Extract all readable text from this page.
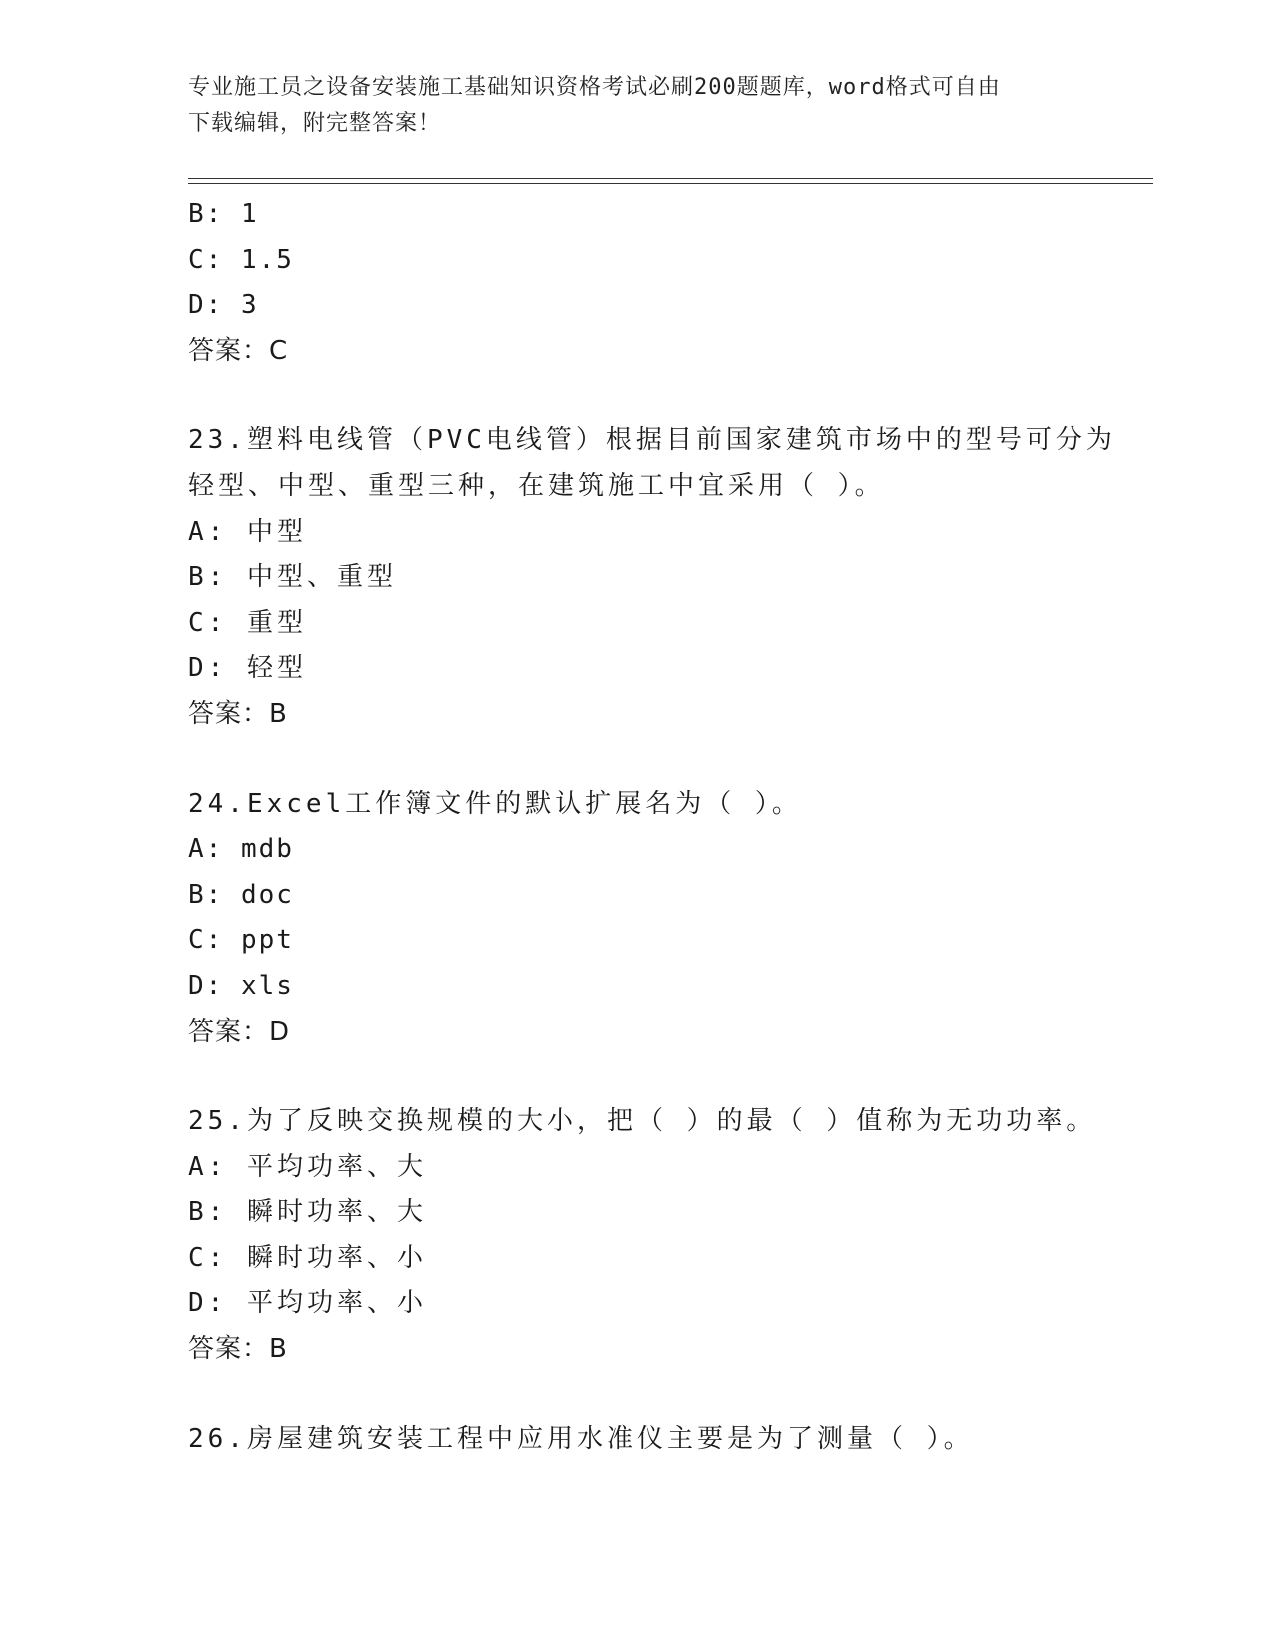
专业施工员之设备安装施工基础知识资格考试必刷200题题库，word格式可自由
下载编辑，附完整答案！
B: 1
C: 1.5
D: 3
答案：C
23.塑料电线管（PVC电线管）根据目前国家建筑市场中的型号可分为
轻型、中型、重型三种，在建筑施工中宜采用（ ）。
A: 中型
B: 中型、重型
C: 重型
D: 轻型
答案：B
24.Excel工作簿文件的默认扩展名为（ ）。
A: mdb
B: doc
C: ppt
D: xls
答案：D
25.为了反映交换规模的大小，把（ ）的最（ ）值称为无功功率。
A: 平均功率、大
B: 瞬时功率、大
C: 瞬时功率、小
D: 平均功率、小
答案：B
26.房屋建筑安装工程中应用水准仪主要是为了测量（ ）。
